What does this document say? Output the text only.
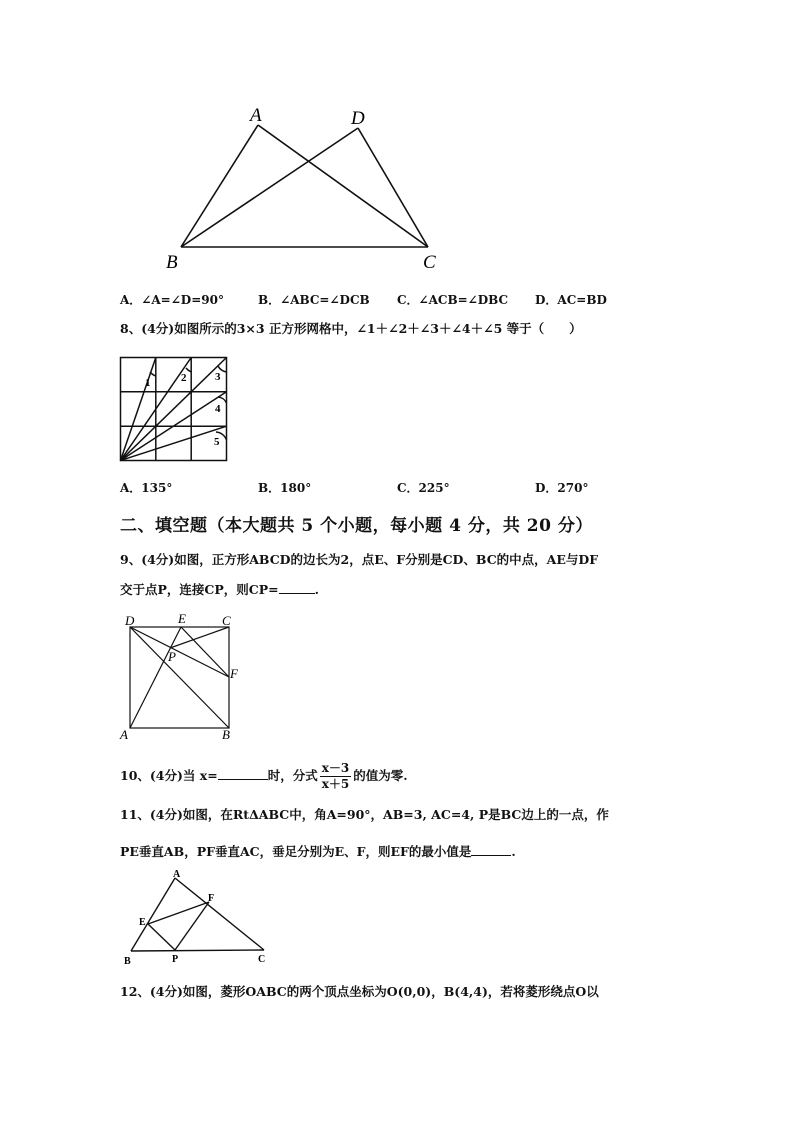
A	D
B	C
A．∠A=∠D=90°	B．∠ABC=∠DCB C．∠ACB=∠DBC D．AC=BD
8、(4分)如图所示的3×3 正方形网格中，∠1＋∠2＋∠3＋∠4＋∠5 等于（　　）
1	2	3
4
5
A．135°	B．180°	C．225°	D．270°
二、填空题（本大题共 5 个小题，每小题 4 分，共 20 分）
9、(4分)如图，正方形ABCD的边长为2，点E、F分别是CD、BC的中点，AE与DF
交于点P，连接CP，则CP=	.
D	E	C
P
F
A	B
10、(4分)当 x=	时，分式 $\frac{x-3}{x+5}$ 的值为零.
11、(4分)如图，在RtΔABC中，角A=90°，AB=3, AC=4, P是BC边上的一点，作
PE垂直AB，PF垂直AC，垂足分别为E、F，则EF的最小值是	.
A
F
E
B	P	C
12、(4分)如图，菱形OABC的两个顶点坐标为O(0,0)，B(4,4)，若将菱形绕点O以
